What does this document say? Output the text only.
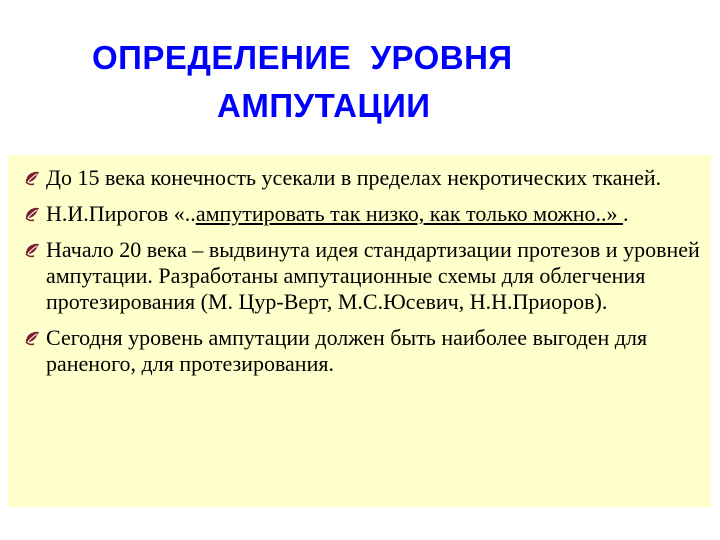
ОПРЕДЕЛЕНИЕ  УРОВНЯ
АМПУТАЦИИ
До 15 века конечность усекали в пределах некротических тканей.
Н.И.Пирогов «..ампутировать так низко, как только можно..» .
Начало 20 века – выдвинута идея стандартизации протезов и уровней ампутации. Разработаны ампутационные схемы для облегчения протезирования (М. Цур-Верт, М.С.Юсевич, Н.Н.Приоров).
Сегодня уровень ампутации должен быть наиболее выгоден для раненого, для протезирования.
